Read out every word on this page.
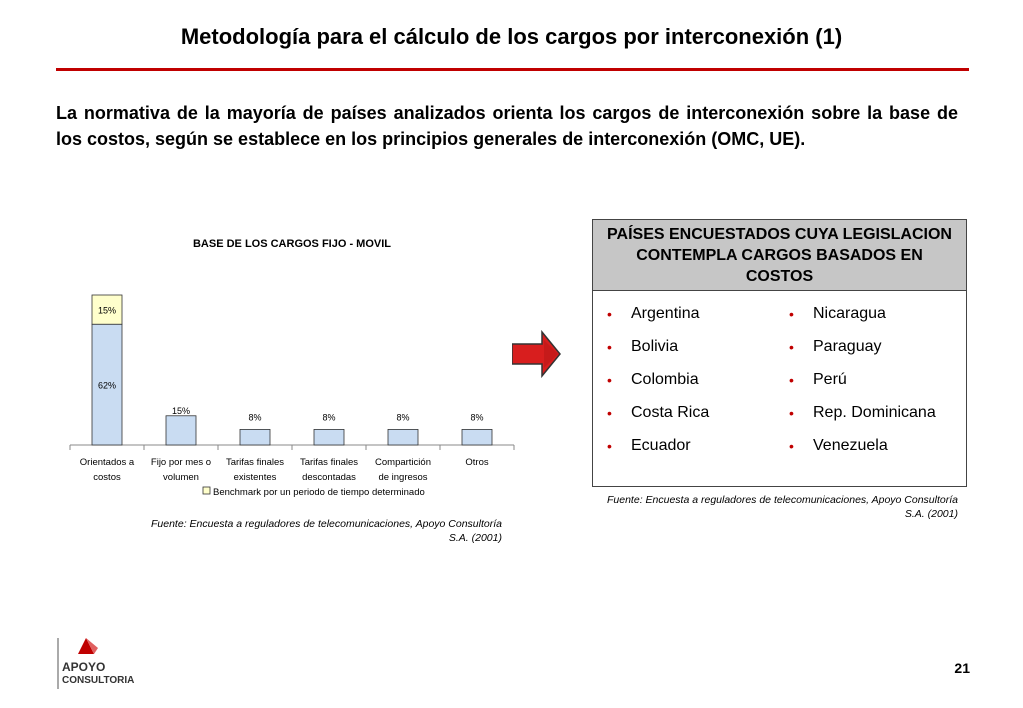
Metodología para el cálculo de los cargos por interconexión (1)
La normativa de la mayoría de países analizados orienta los cargos de interconexión sobre la base de los costos, según se establece en los principios generales de interconexión (OMC, UE).
BASE DE LOS CARGOS FIJO - MOVIL
62%
15%
Orientados a
costos
15%
Fijo por mes o
volumen
8%
Tarifas finales
existentes
8%
Tarifas finales
descontadas
8%
Compartición
de ingresos
8%
Otros
Benchmark por un periodo de tiempo determinado
Fuente: Encuesta a reguladores de telecomunicaciones, Apoyo Consultoría S.A. (2001)
PAÍSES ENCUESTADOS CUYA LEGISLACION CONTEMPLA CARGOS BASADOS EN COSTOS
•	Argentina
•	Bolivia
•	Colombia
•	Costa Rica
•	Ecuador
•	Nicaragua
•	Paraguay
•	Perú
•	Rep. Dominicana
•	Venezuela
Fuente: Encuesta a reguladores de telecomunicaciones, Apoyo Consultoría S.A. (2001)
APOYO
CONSULTORIA
21
